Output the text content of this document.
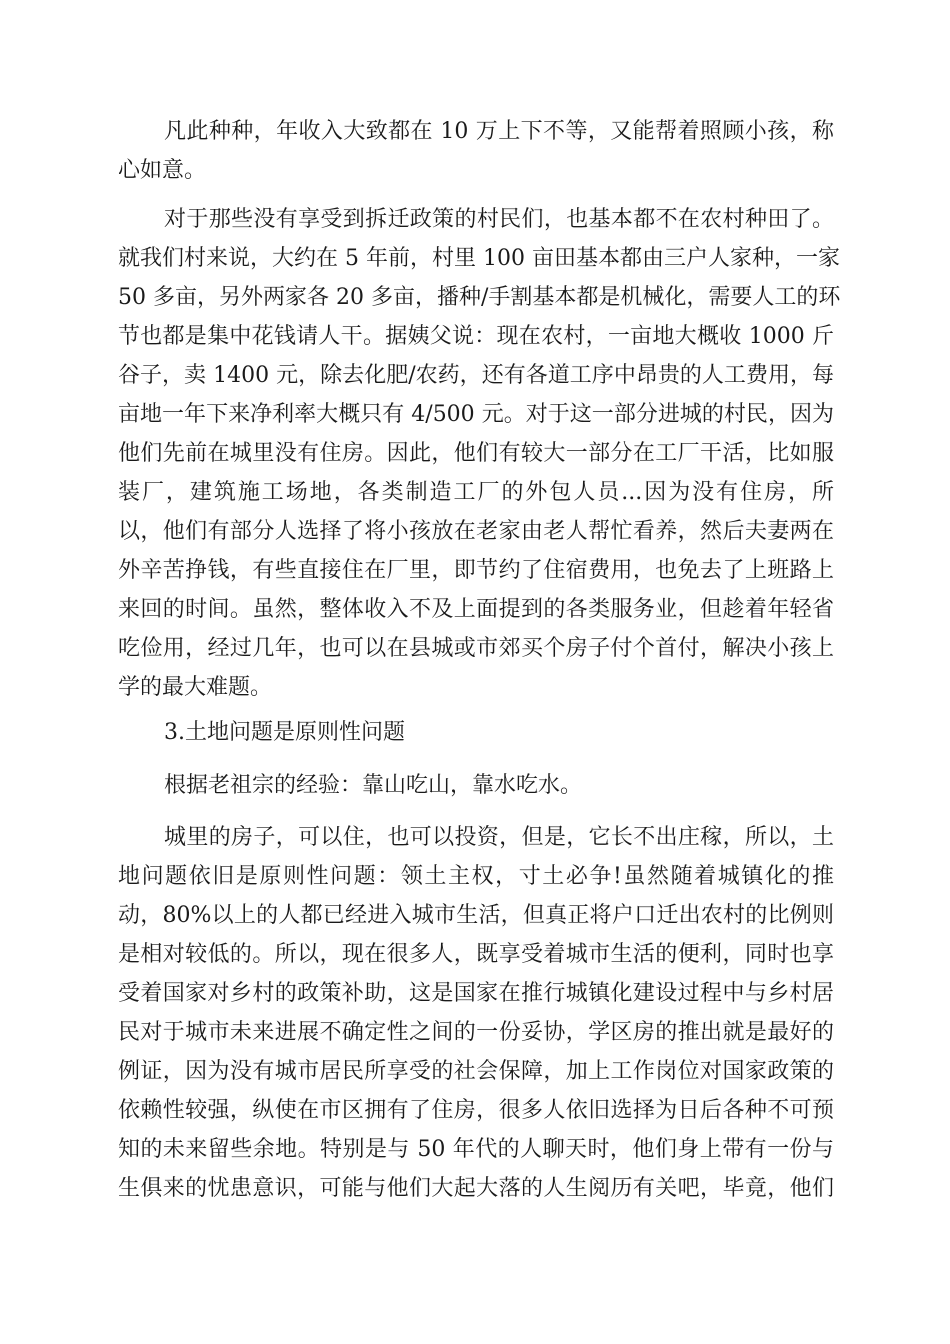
凡此种种，年收入大致都在 10 万上下不等，又能帮着照顾小孩，称
心如意。
对于那些没有享受到拆迁政策的村民们，也基本都不在农村种田了。
就我们村来说，大约在 5 年前，村里 100 亩田基本都由三户人家种，一家
50 多亩，另外两家各 20 多亩，播种/手割基本都是机械化，需要人工的环
节也都是集中花钱请人干。据姨父说：现在农村，一亩地大概收 1000 斤
谷子，卖 1400 元，除去化肥/农药，还有各道工序中昂贵的人工费用，每
亩地一年下来净利率大概只有 4/500 元。对于这一部分进城的村民，因为
他们先前在城里没有住房。因此，他们有较大一部分在工厂干活，比如服
装厂，建筑施工场地，各类制造工厂的外包人员...因为没有住房，所
以，他们有部分人选择了将小孩放在老家由老人帮忙看养，然后夫妻两在
外辛苦挣钱，有些直接住在厂里，即节约了住宿费用，也免去了上班路上
来回的时间。虽然，整体收入不及上面提到的各类服务业，但趁着年轻省
吃俭用，经过几年，也可以在县城或市郊买个房子付个首付，解决小孩上
学的最大难题。
3.土地问题是原则性问题
根据老祖宗的经验：靠山吃山，靠水吃水。
城里的房子，可以住，也可以投资，但是，它长不出庄稼，所以，土
地问题依旧是原则性问题：领土主权，寸土必争!虽然随着城镇化的推
动，80%以上的人都已经进入城市生活，但真正将户口迁出农村的比例则
是相对较低的。所以，现在很多人，既享受着城市生活的便利，同时也享
受着国家对乡村的政策补助，这是国家在推行城镇化建设过程中与乡村居
民对于城市未来进展不确定性之间的一份妥协，学区房的推出就是最好的
例证，因为没有城市居民所享受的社会保障，加上工作岗位对国家政策的
依赖性较强，纵使在市区拥有了住房，很多人依旧选择为日后各种不可预
知的未来留些余地。特别是与 50 年代的人聊天时，他们身上带有一份与
生俱来的忧患意识，可能与他们大起大落的人生阅历有关吧，毕竟，他们
